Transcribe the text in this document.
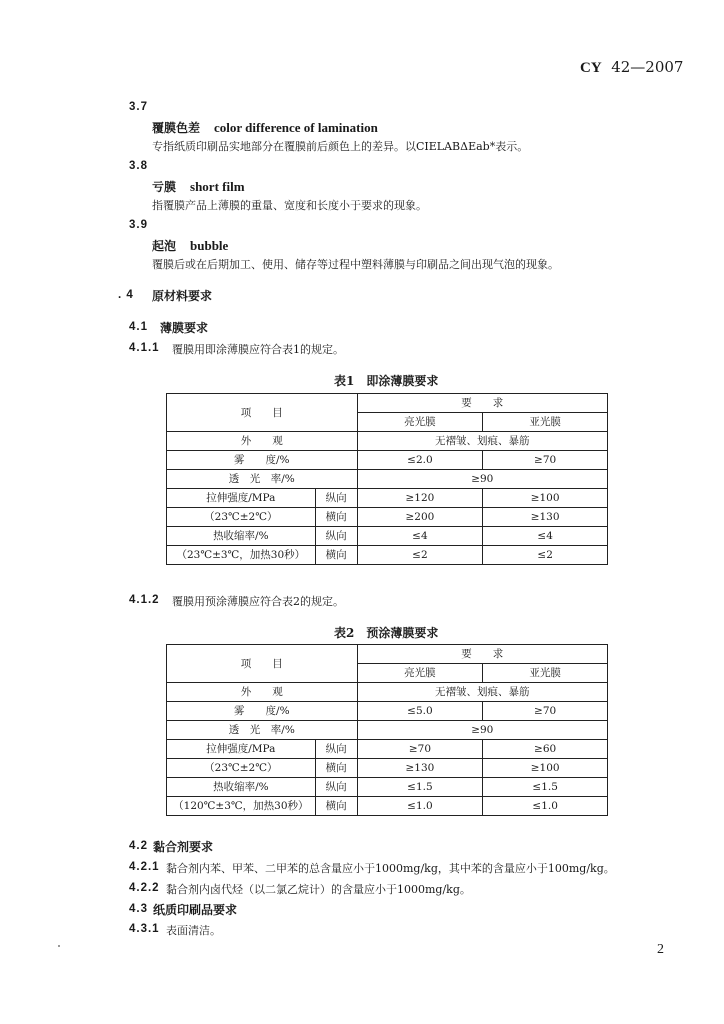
CY 42—2007
3.7
覆膜色差 color difference of lamination
专指纸质印刷品实地部分在覆膜前后颜色上的差异。以CIELABΔEab*表示。
3.8
亏膜 short film
指覆膜产品上薄膜的重量、宽度和长度小于要求的现象。
3.9
起泡 bubble
覆膜后或在后期加工、使用、储存等过程中塑料薄膜与印刷品之间出现气泡的现象。
. 4 原材料要求
4.1 薄膜要求
4.1.1 覆膜用即涂薄膜应符合表1的规定。
表1　即涂薄膜要求
项　　目		要　　求	
		亮光膜	亚光膜
外　　观		无褶皱、划痕、暴筋	
雾　　度/%		≤2.0	≥70
透　光　率/%		≥90	
拉伸强度/MPa	纵向	≥120	≥100
（23℃±2℃）	横向	≥200	≥130
热收缩率/%	纵向	≤4	≤4
（23℃±3℃，加热30秒）	横向	≤2	≤2
4.1.2 覆膜用预涂薄膜应符合表2的规定。
表2　预涂薄膜要求
项　　目		要　　求	
		亮光膜	亚光膜
外　　观		无褶皱、划痕、暴筋	
雾　　度/%		≤5.0	≥70
透　光　率/%		≥90	
拉伸强度/MPa	纵向	≥70	≥60
（23℃±2℃）	横向	≥130	≥100
热收缩率/%	纵向	≤1.5	≤1.5
（120℃±3℃，加热30秒）	横向	≤1.0	≤1.0
4.2 黏合剂要求
4.2.1 黏合剂内苯、甲苯、二甲苯的总含量应小于1000mg/kg，其中苯的含量应小于100mg/kg。
4.2.2 黏合剂内卤代烃（以二氯乙烷计）的含量应小于1000mg/kg。
4.3 纸质印刷品要求
4.3.1 表面清洁。
2
